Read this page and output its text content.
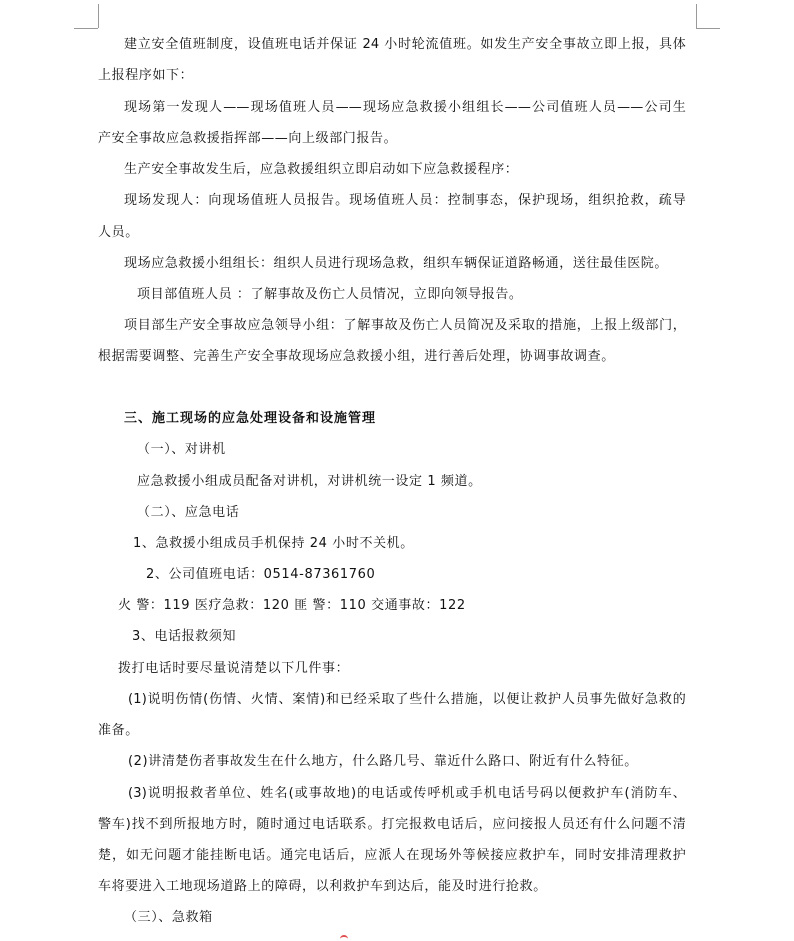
建立安全值班制度，设值班电话并保证 24 小时轮流值班。如发生产安全事故立即上报，具体
上报程序如下：
现场第一发现人——现场值班人员——现场应急救援小组组长——公司值班人员——公司生
产安全事故应急救援指挥部——向上级部门报告。
生产安全事故发生后，应急救援组织立即启动如下应急救援程序：
现场发现人：向现场值班人员报告。现场值班人员：控制事态，保护现场，组织抢救，疏导
人员。
现场应急救援小组组长：组织人员进行现场急救，组织车辆保证道路畅通，送往最佳医院。
项目部值班人员 ：了解事故及伤亡人员情况，立即向领导报告。
项目部生产安全事故应急领导小组：了解事故及伤亡人员简况及采取的措施，上报上级部门，
根据需要调整、完善生产安全事故现场应急救援小组，进行善后处理，协调事故调查。
三、施工现场的应急处理设备和设施管理
（一）、对讲机
应急救援小组成员配备对讲机，对讲机统一设定 1 频道。
（二）、应急电话
1、急救援小组成员手机保持 24 小时不关机。
2、公司值班电话：0514-87361760
火 警：119 医疗急救：120 匪 警：110 交通事故：122
3、电话报救须知
拨打电话时要尽量说清楚以下几件事：
(1)说明伤情(伤情、火情、案情)和已经采取了些什么措施，以便让救护人员事先做好急救的
准备。
(2)讲清楚伤者事故发生在什么地方，什么路几号、靠近什么路口、附近有什么特征。
(3)说明报救者单位、姓名(或事故地)的电话或传呼机或手机电话号码以便救护车(消防车、
警车)找不到所报地方时，随时通过电话联系。打完报救电话后，应问接报人员还有什么问题不清
楚，如无问题才能挂断电话。通完电话后，应派人在现场外等候接应救护车，同时安排清理救护
车将要进入工地现场道路上的障碍，以利救护车到达后，能及时进行抢救。
（三）、急救箱
